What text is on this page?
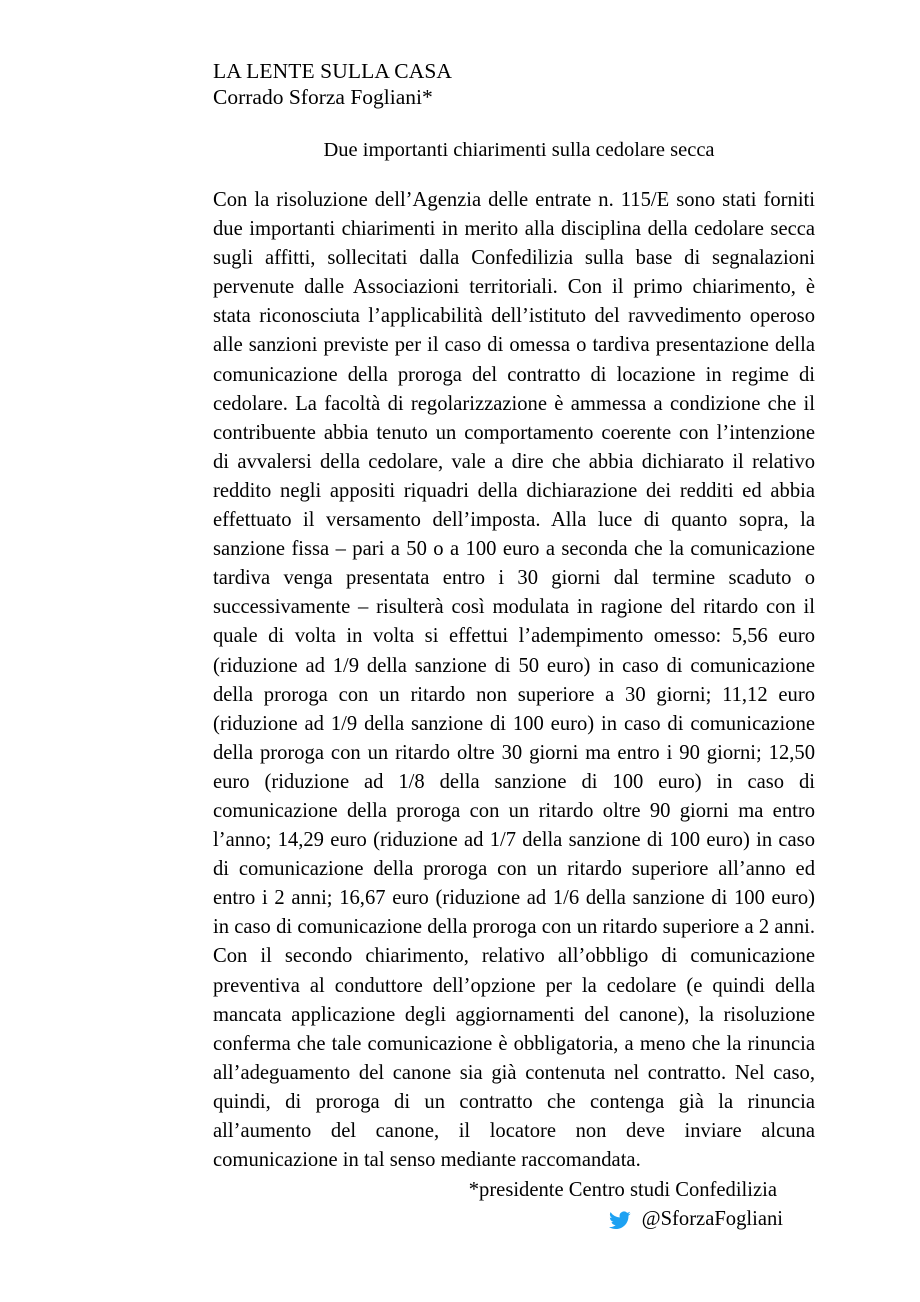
LA LENTE SULLA CASA
Corrado Sforza Fogliani*
Due importanti chiarimenti sulla cedolare secca

Con la risoluzione dell’Agenzia delle entrate n. 115/E sono stati forniti due importanti chiarimenti in merito alla disciplina della cedolare secca sugli affitti, sollecitati dalla Confedilizia sulla base di segnalazioni pervenute dalle Associazioni territoriali. Con il primo chiarimento, è stata riconosciuta l’applicabilità dell’istituto del ravvedimento operoso alle sanzioni previste per il caso di omessa o tardiva presentazione della comunicazione della proroga del contratto di locazione in regime di cedolare. La facoltà di regolarizzazione è ammessa a condizione che il contribuente abbia tenuto un comportamento coerente con l’intenzione di avvalersi della cedolare, vale a dire che abbia dichiarato il relativo reddito negli appositi riquadri della dichiarazione dei redditi ed abbia effettuato il versamento dell’imposta. Alla luce di quanto sopra, la sanzione fissa – pari a 50 o a 100 euro a seconda che la comunicazione tardiva venga presentata entro i 30 giorni dal termine scaduto o successivamente – risulterà così modulata in ragione del ritardo con il quale di volta in volta si effettui l’adempimento omesso: 5,56 euro (riduzione ad 1/9 della sanzione di 50 euro) in caso di comunicazione della proroga con un ritardo non superiore a 30 giorni; 11,12 euro (riduzione ad 1/9 della sanzione di 100 euro) in caso di comunicazione della proroga con un ritardo oltre 30 giorni ma entro i 90 giorni; 12,50 euro (riduzione ad 1/8 della sanzione di 100 euro) in caso di comunicazione della proroga con un ritardo oltre 90 giorni ma entro l’anno; 14,29 euro (riduzione ad 1/7 della sanzione di 100 euro) in caso di comunicazione della proroga con un ritardo superiore all’anno ed entro i 2 anni; 16,67 euro (riduzione ad 1/6 della sanzione di 100 euro) in caso di comunicazione della proroga con un ritardo superiore a 2 anni. Con il secondo chiarimento, relativo all’obbligo di comunicazione preventiva al conduttore dell’opzione per la cedolare (e quindi della mancata applicazione degli aggiornamenti del canone), la risoluzione conferma che tale comunicazione è obbligatoria, a meno che la rinuncia all’adeguamento del canone sia già contenuta nel contratto. Nel caso, quindi, di proroga di un contratto che contenga già la rinuncia all’aumento del canone, il locatore non deve inviare alcuna comunicazione in tal senso mediante raccomandata.

*presidente Centro studi Confedilizia
@SforzaFogliani
